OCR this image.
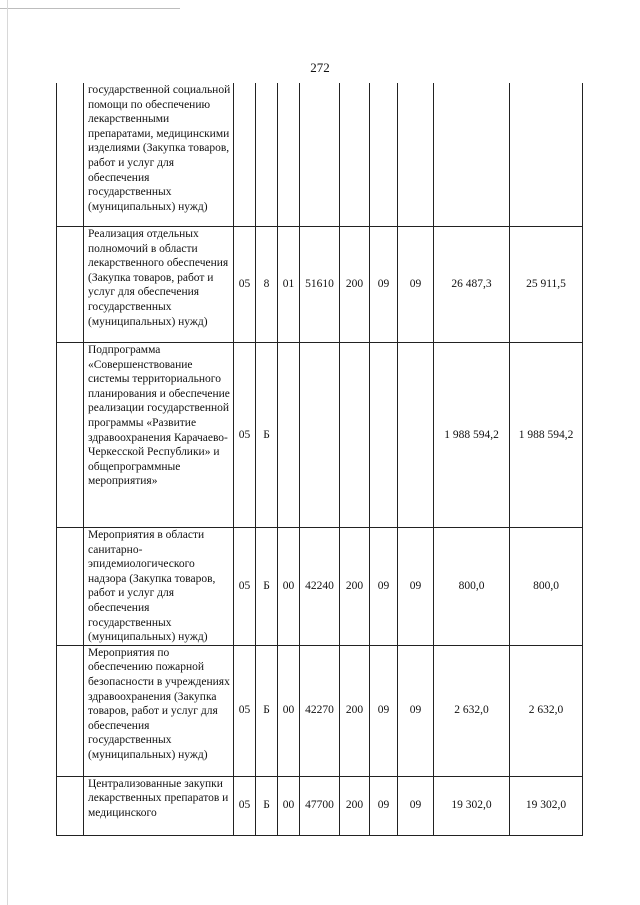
272
	государственной социальной помощи по обеспечению лекарственными препаратами, медицинскими изделиями (Закупка товаров, работ и услуг для обеспечения государственных (муниципальных) нужд)									
	Реализация отдельных полномочий в области лекарственного обеспечения (Закупка товаров, работ и услуг для обеспечения государственных (муниципальных) нужд)	05	8	01	51610	200	09	09	26 487,3	25 911,5
	Подпрограмма «Совершенствование системы территориального планирования и обеспечение реализации государственной программы «Развитие здравоохранения Карачаево-Черкесской Республики» и общепрограммные мероприятия»	05	Б						1 988 594,2	1 988 594,2
	Мероприятия в области санитарно-эпидемиологического надзора (Закупка товаров, работ и услуг для обеспечения государственных (муниципальных) нужд)	05	Б	00	42240	200	09	09	800,0	800,0
	Мероприятия по обеспечению пожарной безопасности в учреждениях здравоохранения (Закупка товаров, работ и услуг для обеспечения государственных (муниципальных) нужд)	05	Б	00	42270	200	09	09	2 632,0	2 632,0
	Централизованные закупки лекарственных препаратов и медицинского	05	Б	00	47700	200	09	09	19 302,0	19 302,0
